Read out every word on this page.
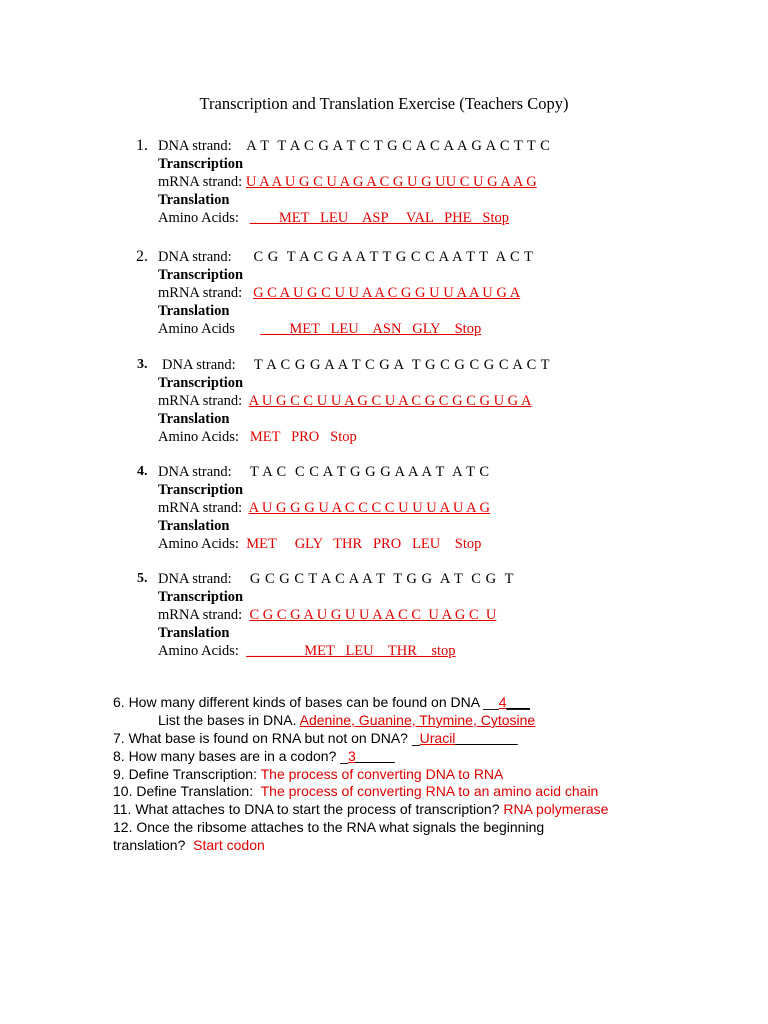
Transcription and Translation Exercise (Teachers Copy)
1. DNA strand: A T  T A C G A T C T G C A C A A G A C T T C
Transcription
mRNA strand: U A A U G C U A G A C G U G UU C U G A A G
Translation
Amino Acids: ____MET   LEU    ASP     VAL   PHE   Stop
2. DNA strand: C G  T A C G A A T T G C C A A T T  A C T
Transcription
mRNA strand: G C A U G C U U A A C G G U U A A U G A
Translation
Amino Acids ____MET   LEU    ASN   GLY    Stop
3. DNA strand: T A C G G A A T C G A  T G C G C G C A C T
Transcription
mRNA strand: A U G C C U U A G C U A C G C G C G U G A
Translation
Amino Acids: MET   PRO   Stop
4. DNA strand: T A C  C C A T G G G A A A T  A T C
Transcription
mRNA strand: A U G G G U A C C C C U U U A U A G
Translation
Amino Acids: MET     GLY   THR   PRO   LEU    Stop
5. DNA strand: G C G C T A C A A T  T G G  A T  C G  T
Transcription
mRNA strand: C G C G A U G U U A A C C  U A G C  U
Translation
Amino Acids: ________MET   LEU    THR    stop
6. How many different kinds of bases can be found on DNA __4___
List the bases in DNA. Adenine, Guanine, Thymine, Cytosine
7. What base is found on RNA but not on DNA? _Uracil________
8. How many bases are in a codon? _3_____
9. Define Transcription: The process of converting DNA to RNA
10. Define Translation:  The process of converting RNA to an amino acid chain
11. What attaches to DNA to start the process of transcription? RNA polymerase
12. Once the ribsome attaches to the RNA what signals the beginning
translation?  Start codon
